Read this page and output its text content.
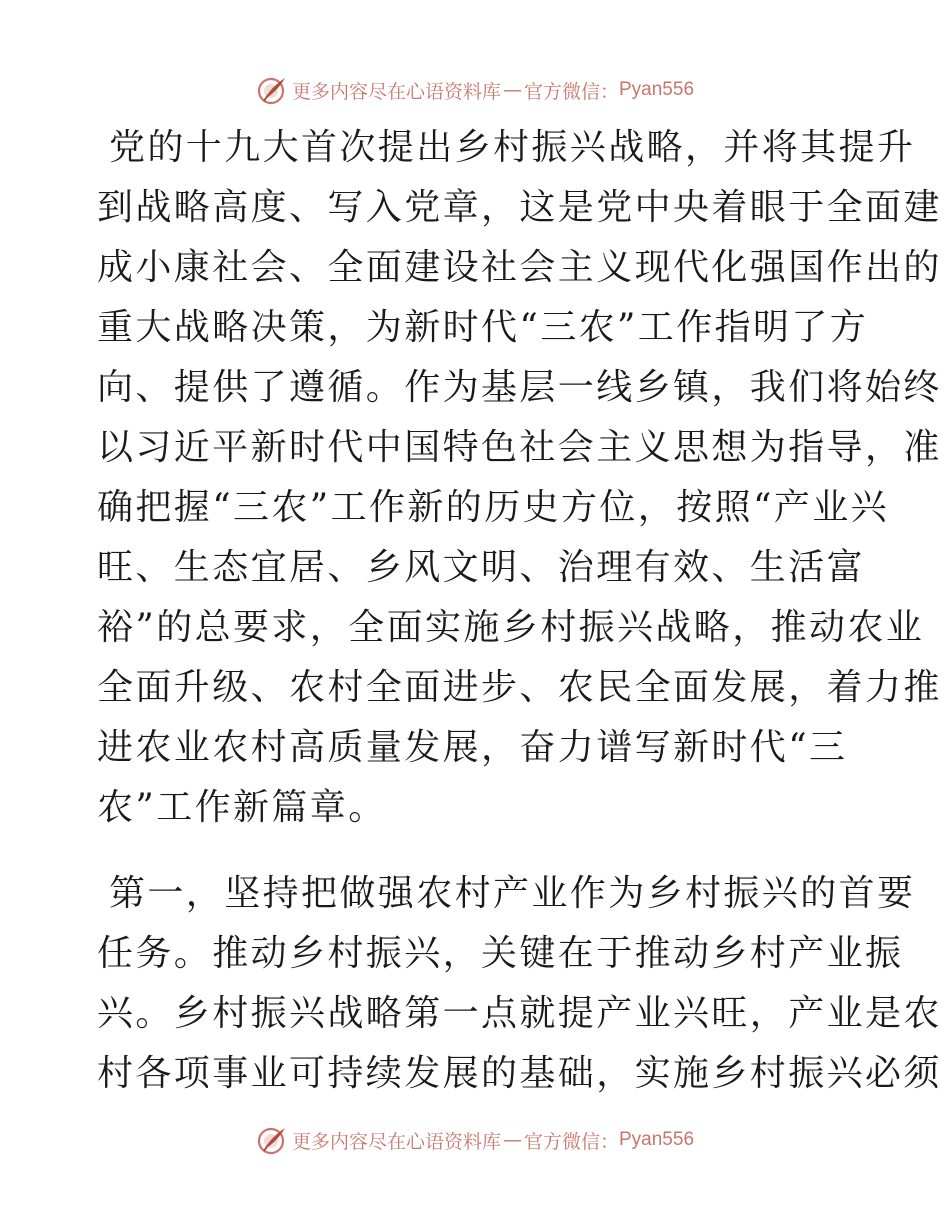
更多内容尽在心语资料库 — 官方微信： Pyan556

党的十九大首次提出乡村振兴战略，并将其提升
到战略高度、写入党章，这是党中央着眼于全面建
成小康社会、全面建设社会主义现代化强国作出的
重大战略决策，为新时代“三农”工作指明了方
向、提供了遵循。作为基层一线乡镇，我们将始终
以习近平新时代中国特色社会主义思想为指导，准
确把握“三农”工作新的历史方位，按照“产业兴
旺、生态宜居、乡风文明、治理有效、生活富
裕”的总要求，全面实施乡村振兴战略，推动农业
全面升级、农村全面进步、农民全面发展，着力推
进农业农村高质量发展，奋力谱写新时代“三
农”工作新篇章。

第一，坚持把做强农村产业作为乡村振兴的首要
任务。推动乡村振兴，关键在于推动乡村产业振
兴。乡村振兴战略第一点就提产业兴旺，产业是农
村各项事业可持续发展的基础，实施乡村振兴必须

更多内容尽在心语资料库 — 官方微信： Pyan556
